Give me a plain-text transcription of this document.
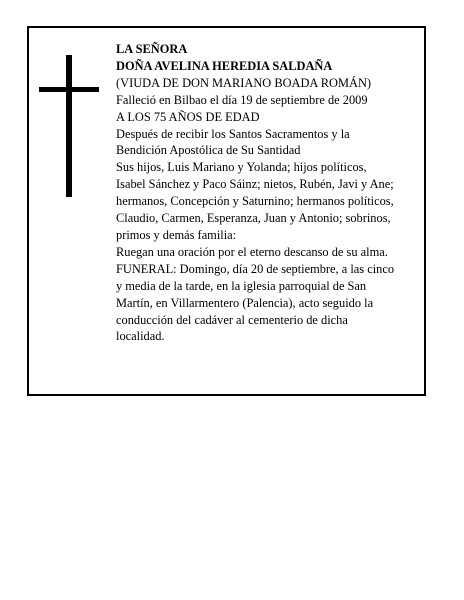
LA SEÑORA

DOÑA AVELINA HEREDIA SALDAÑA

(VIUDA DE DON MARIANO BOADA ROMÁN)

Falleció en Bilbao el día 19 de septiembre de 2009

A LOS 75 AÑOS DE EDAD

Después de recibir los Santos Sacramentos y la

Bendición Apostólica de Su Santidad

Sus hijos, Luis Mariano y Yolanda; hijos políticos,

Isabel Sánchez y Paco Sáinz; nietos, Rubén, Javi y Ane;

hermanos, Concepción y Saturnino; hermanos políticos,

Claudio, Carmen, Esperanza, Juan y Antonio; sobrinos,

primos y demás familia:

Ruegan una oración por el eterno descanso de su alma.

FUNERAL: Domingo, día 20 de septiembre, a las cinco

y media de la tarde, en la iglesia parroquial de San

Martín, en Villarmentero (Palencia), acto seguido la

conducción del cadáver al cementerio de dicha

localidad.
